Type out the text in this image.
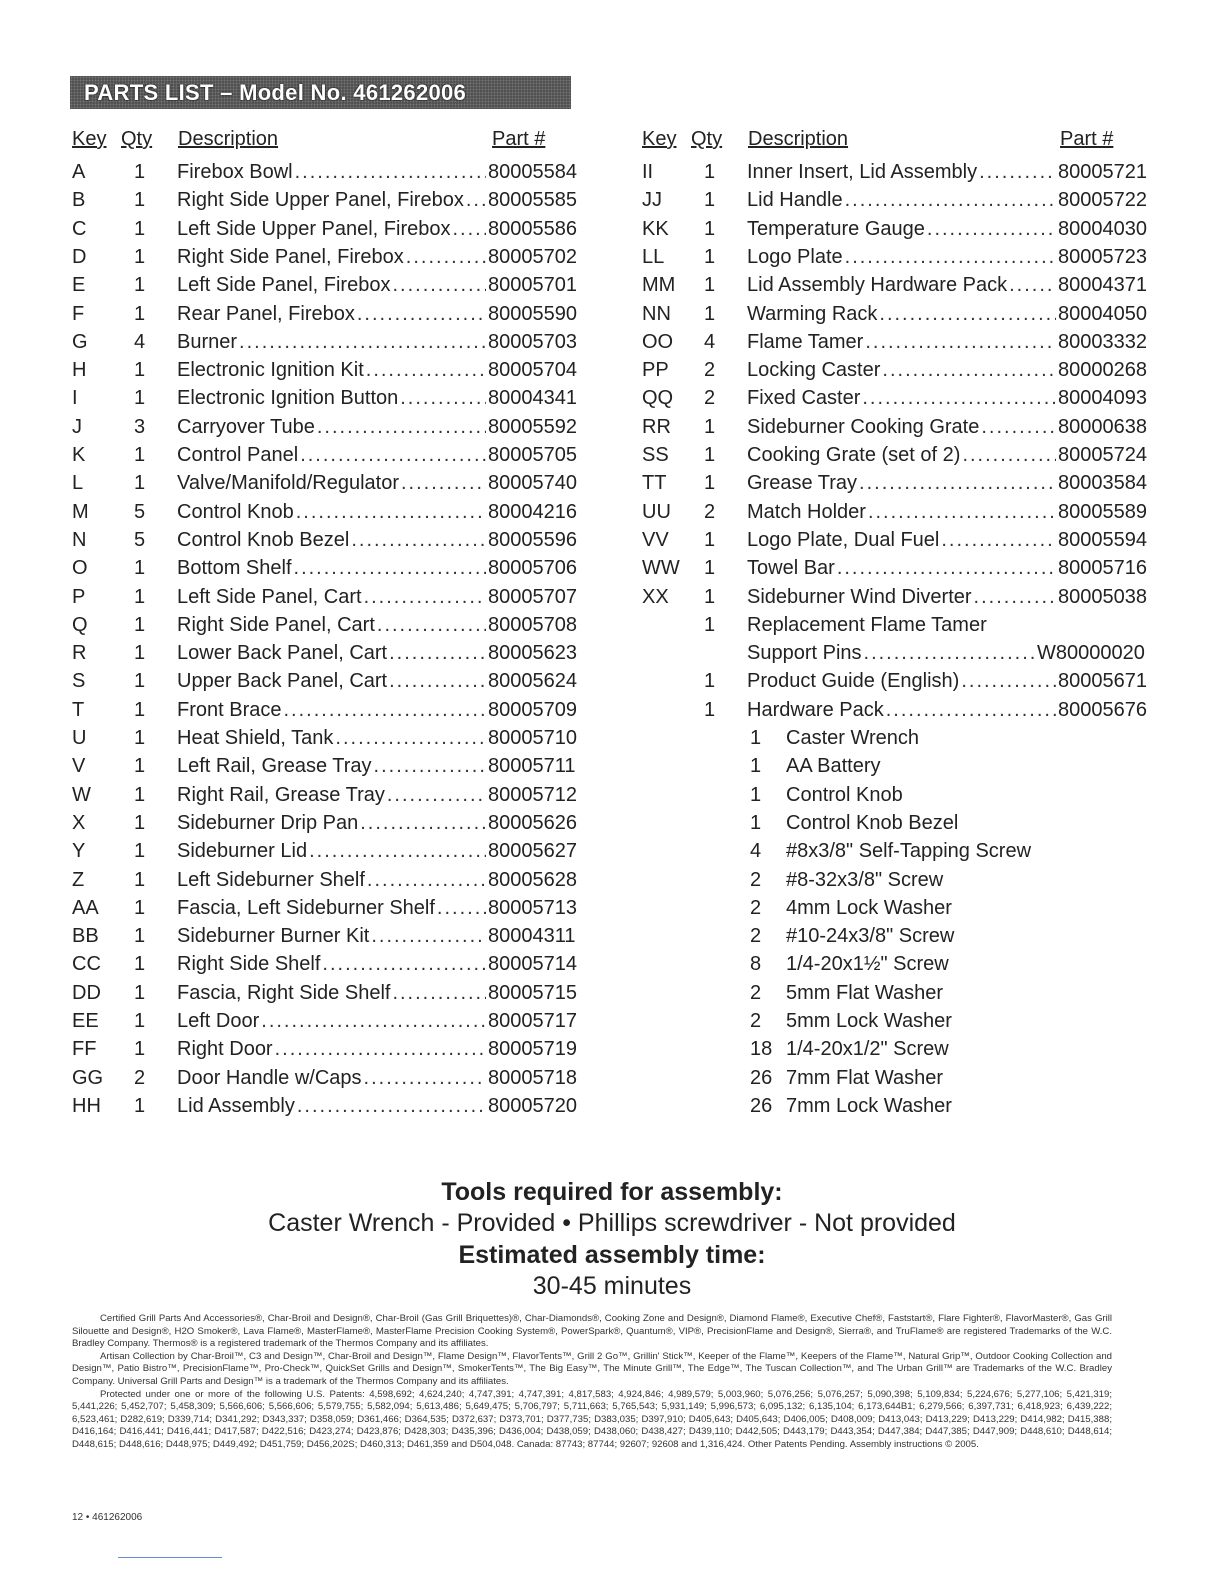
PARTS LIST – Model No. 461262006
Key Qty	Description	Part #	Key Qty	Description	Part #
A	1	Firebox Bowl .....	80005584
B	1	Right Side Upper Panel, Firebox ..... 80005585
C	1	Left Side Upper Panel, Firebox ..... 80005586
D	1	Right Side Panel, Firebox .....	80005702
E	1	Left Side Panel, Firebox .....	80005701
F	1	Rear Panel, Firebox .....	80005590
G	4	Burner .....	80005703
H	1	Electronic Ignition Kit .....	80005704
I	1	Electronic Ignition Button .....	80004341
J	3	Carryover Tube .....	80005592
K	1	Control Panel .....	80005705
L	1	Valve/Manifold/Regulator .....	80005740
M	5	Control Knob .....	80004216
N	5	Control Knob Bezel .....	80005596
O	1	Bottom Shelf .....	80005706
P	1	Left Side Panel, Cart .....	80005707
Q	1	Right Side Panel, Cart .....	80005708
R	1	Lower Back Panel, Cart .....	80005623
S	1	Upper Back Panel, Cart .....	80005624
T	1	Front Brace .....	80005709
U	1	Heat Shield, Tank .....	80005710
V	1	Left Rail, Grease Tray .....	80005711
W	1	Right Rail, Grease Tray .....	80005712
X	1	Sideburner Drip Pan .....	80005626
Y	1	Sideburner Lid .....	80005627
Z	1	Left Sideburner Shelf .....	80005628
AA	1	Fascia, Left Sideburner Shelf .....	80005713
BB	1	Sideburner Burner Kit .....	80004311
CC	1	Right Side Shelf .....	80005714
DD	1	Fascia, Right Side Shelf .....	80005715
EE	1	Left Door .....	80005717
FF	1	Right Door .....	80005719
GG	2	Door Handle w/Caps .....	80005718
HH	1	Lid Assembly .....	80005720
II	1	Inner Insert, Lid Assembly .....	80005721
JJ	1	Lid Handle .....	80005722
KK	1	Temperature Gauge .....	80004030
LL	1	Logo Plate .....	80005723
MM	1	Lid Assembly Hardware Pack .....	80004371
NN	1	Warming Rack .....	80004050
OO	4	Flame Tamer .....	80003332
PP	2	Locking Caster .....	80000268
QQ	2	Fixed Caster .....	80004093
RR	1	Sideburner Cooking Grate .....	80000638
SS	1	Cooking Grate (set of 2) .....	80005724
TT	1	Grease Tray .....	80003584
UU	2	Match Holder .....	80005589
VV	1	Logo Plate, Dual Fuel .....	80005594
WW	1	Towel Bar .....	80005716
XX	1	Sideburner Wind Diverter .....	80005038
1	Replacement Flame Tamer
Support Pins .....	W80000020
1	Product Guide (English) .....	80005671
1	Hardware Pack .....	80005676
1	Caster Wrench
1	AA Battery
1	Control Knob
1	Control Knob Bezel
4	#8x3/8" Self-Tapping Screw
2	#8-32x3/8" Screw
2	4mm Lock Washer
2	#10-24x3/8" Screw
8	1/4-20x1½" Screw
2	5mm Flat Washer
2	5mm Lock Washer
18 1/4-20x1/2" Screw
26 7mm Flat Washer
26 7mm Lock Washer
Tools required for assembly:
Caster Wrench - Provided • Phillips screwdriver - Not provided
Estimated assembly time:
30-45 minutes

Certified Grill Parts And Accessories®, Char-Broil and Design®, Char-Broil (Gas Grill Briquettes)®, Char-Diamonds®, Cooking Zone and Design®, Diamond Flame®, Executive Chef®, Faststart®, Flare Fighter®, FlavorMaster®, Gas Grill Silouette and Design®, H2O Smoker®, Lava Flame®, MasterFlame®, MasterFlame Precision Cooking System®, PowerSpark®, Quantum®, VIP®, PrecisionFlame and Design®, Sierra®, and TruFlame® are registered Trademarks of the W.C. Bradley Company. Thermos® is a registered trademark of the Thermos Company and its affiliates.

Artisan Collection by Char-Broil™, C3 and Design™, Char-Broil and Design™, Flame Design™, FlavorTents™, Grill 2 Go™, Grillin' Stick™, Keeper of the Flame™, Keepers of the Flame™, Natural Grip™, Outdoor Cooking Collection and Design™, Patio Bistro™, PrecisionFlame™, Pro-Check™, QuickSet Grills and Design™, SmokerTents™, The Big Easy™, The Minute Grill™, The Edge™, The Tuscan Collection™, and The Urban Grill™ are Trademarks of the W.C. Bradley Company. Universal Grill Parts and Design™ is a trademark of the Thermos Company and its affiliates.

Protected under one or more of the following U.S. Patents: 4,598,692; 4,624,240; 4,747,391; 4,747,391; 4,817,583; 4,924,846; 4,989,579; 5,003,960; 5,076,256; 5,076,257; 5,090,398; 5,109,834; 5,224,676; 5,277,106; 5,421,319; 5,441,226; 5,452,707; 5,458,309; 5,566,606; 5,566,606; 5,579,755; 5,582,094; 5,613,486; 5,649,475; 5,706,797; 5,711,663; 5,765,543; 5,931,149; 5,996,573; 6,095,132; 6,135,104; 6,173,644B1; 6,279,566; 6,397,731; 6,418,923; 6,439,222; 6,523,461; D282,619; D339,714; D341,292; D343,337; D358,059; D361,466; D364,535; D372,637; D373,701; D377,735; D383,035; D397,910; D405,643; D405,643; D406,005; D408,009; D413,043; D413,229; D413,229; D414,982; D415,388; D416,164; D416,441; D416,441; D417,587; D422,516; D423,274; D423,876; D428,303; D435,396; D436,004; D438,059; D438,060; D438,427; D439,110; D442,505; D443,179; D443,354; D447,384; D447,385; D447,909; D448,610; D448,614; D448,615; D448,616; D448,975; D449,492; D451,759; D456,202S; D460,313; D461,359 and D504,048. Canada: 87743; 87744; 92607; 92608 and 1,316,424. Other Patents Pending. Assembly instructions © 2005.

12 • 461262006
